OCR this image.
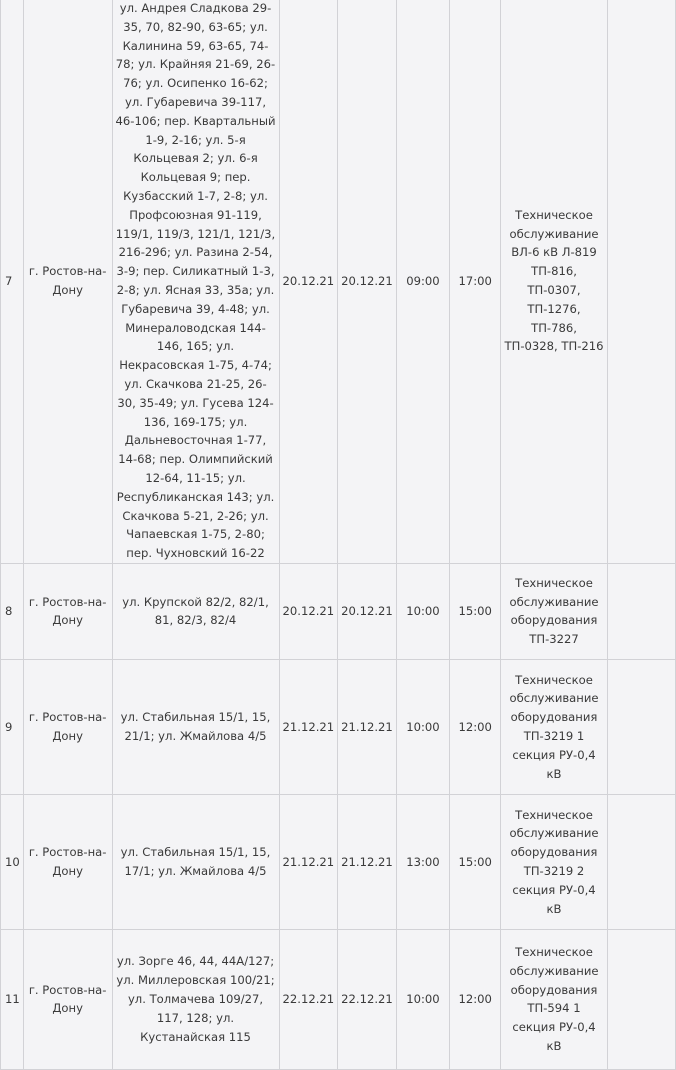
7	г. Ростов-на-Дону	ул. Андрея Сладкова 29-35, 70, 82-90, 63-65; ул. Калинина 59, 63-65, 74-78; ул. Крайняя 21-69, 26-76; ул. Осипенко 16-62; ул. Губаревича 39-117, 46-106; пер. Квартальный 1-9, 2-16; ул. 5-я Кольцевая 2; ул. 6-я Кольцевая 9; пер. Кузбасский 1-7, 2-8; ул. Профсоюзная 91-119, 119/1, 119/3, 121/1, 121/3, 216-296; ул. Разина 2-54, 3-9; пер. Силикатный 1-3, 2-8; ул. Ясная 33, 35а; ул. Губаревича 39, 4-48; ул. Минераловодская 144-146, 165; ул. Некрасовская 1-75, 4-74; ул. Скачкова 21-25, 26-30, 35-49; ул. Гусева 124-136, 169-175; ул. Дальневосточная 1-77, 14-68; пер. Олимпийский 12-64, 11-15; ул. Республиканская 143; ул. Скачкова 5-21, 2-26; ул. Чапаевская 1-75, 2-80; пер. Чухновский 16-22	20.12.21	20.12.21	09:00	17:00	Техническое обслуживание ВЛ-6 кВ Л-819 ТП-816, ТП-0307, ТП-1276, ТП-786, ТП-0328, ТП-216	
8	г. Ростов-на-Дону	ул. Крупской 82/2, 82/1, 81, 82/3, 82/4	20.12.21	20.12.21	10:00	15:00	Техническое обслуживание оборудования ТП-3227	
9	г. Ростов-на-Дону	ул. Стабильная 15/1, 15, 21/1; ул. Жмайлова 4/5	21.12.21	21.12.21	10:00	12:00	Техническое обслуживание оборудования ТП-3219 1 секция РУ-0,4 кВ	
10	г. Ростов-на-Дону	ул. Стабильная 15/1, 15, 17/1; ул. Жмайлова 4/5	21.12.21	21.12.21	13:00	15:00	Техническое обслуживание оборудования ТП-3219 2 секция РУ-0,4 кВ	
11	г. Ростов-на-Дону	ул. Зорге 46, 44, 44А/127; ул. Миллеровская 100/21; ул. Толмачева 109/27, 117, 128; ул. Кустанайская 115	22.12.21	22.12.21	10:00	12:00	Техническое обслуживание оборудования ТП-594 1 секция РУ-0,4 кВ	
